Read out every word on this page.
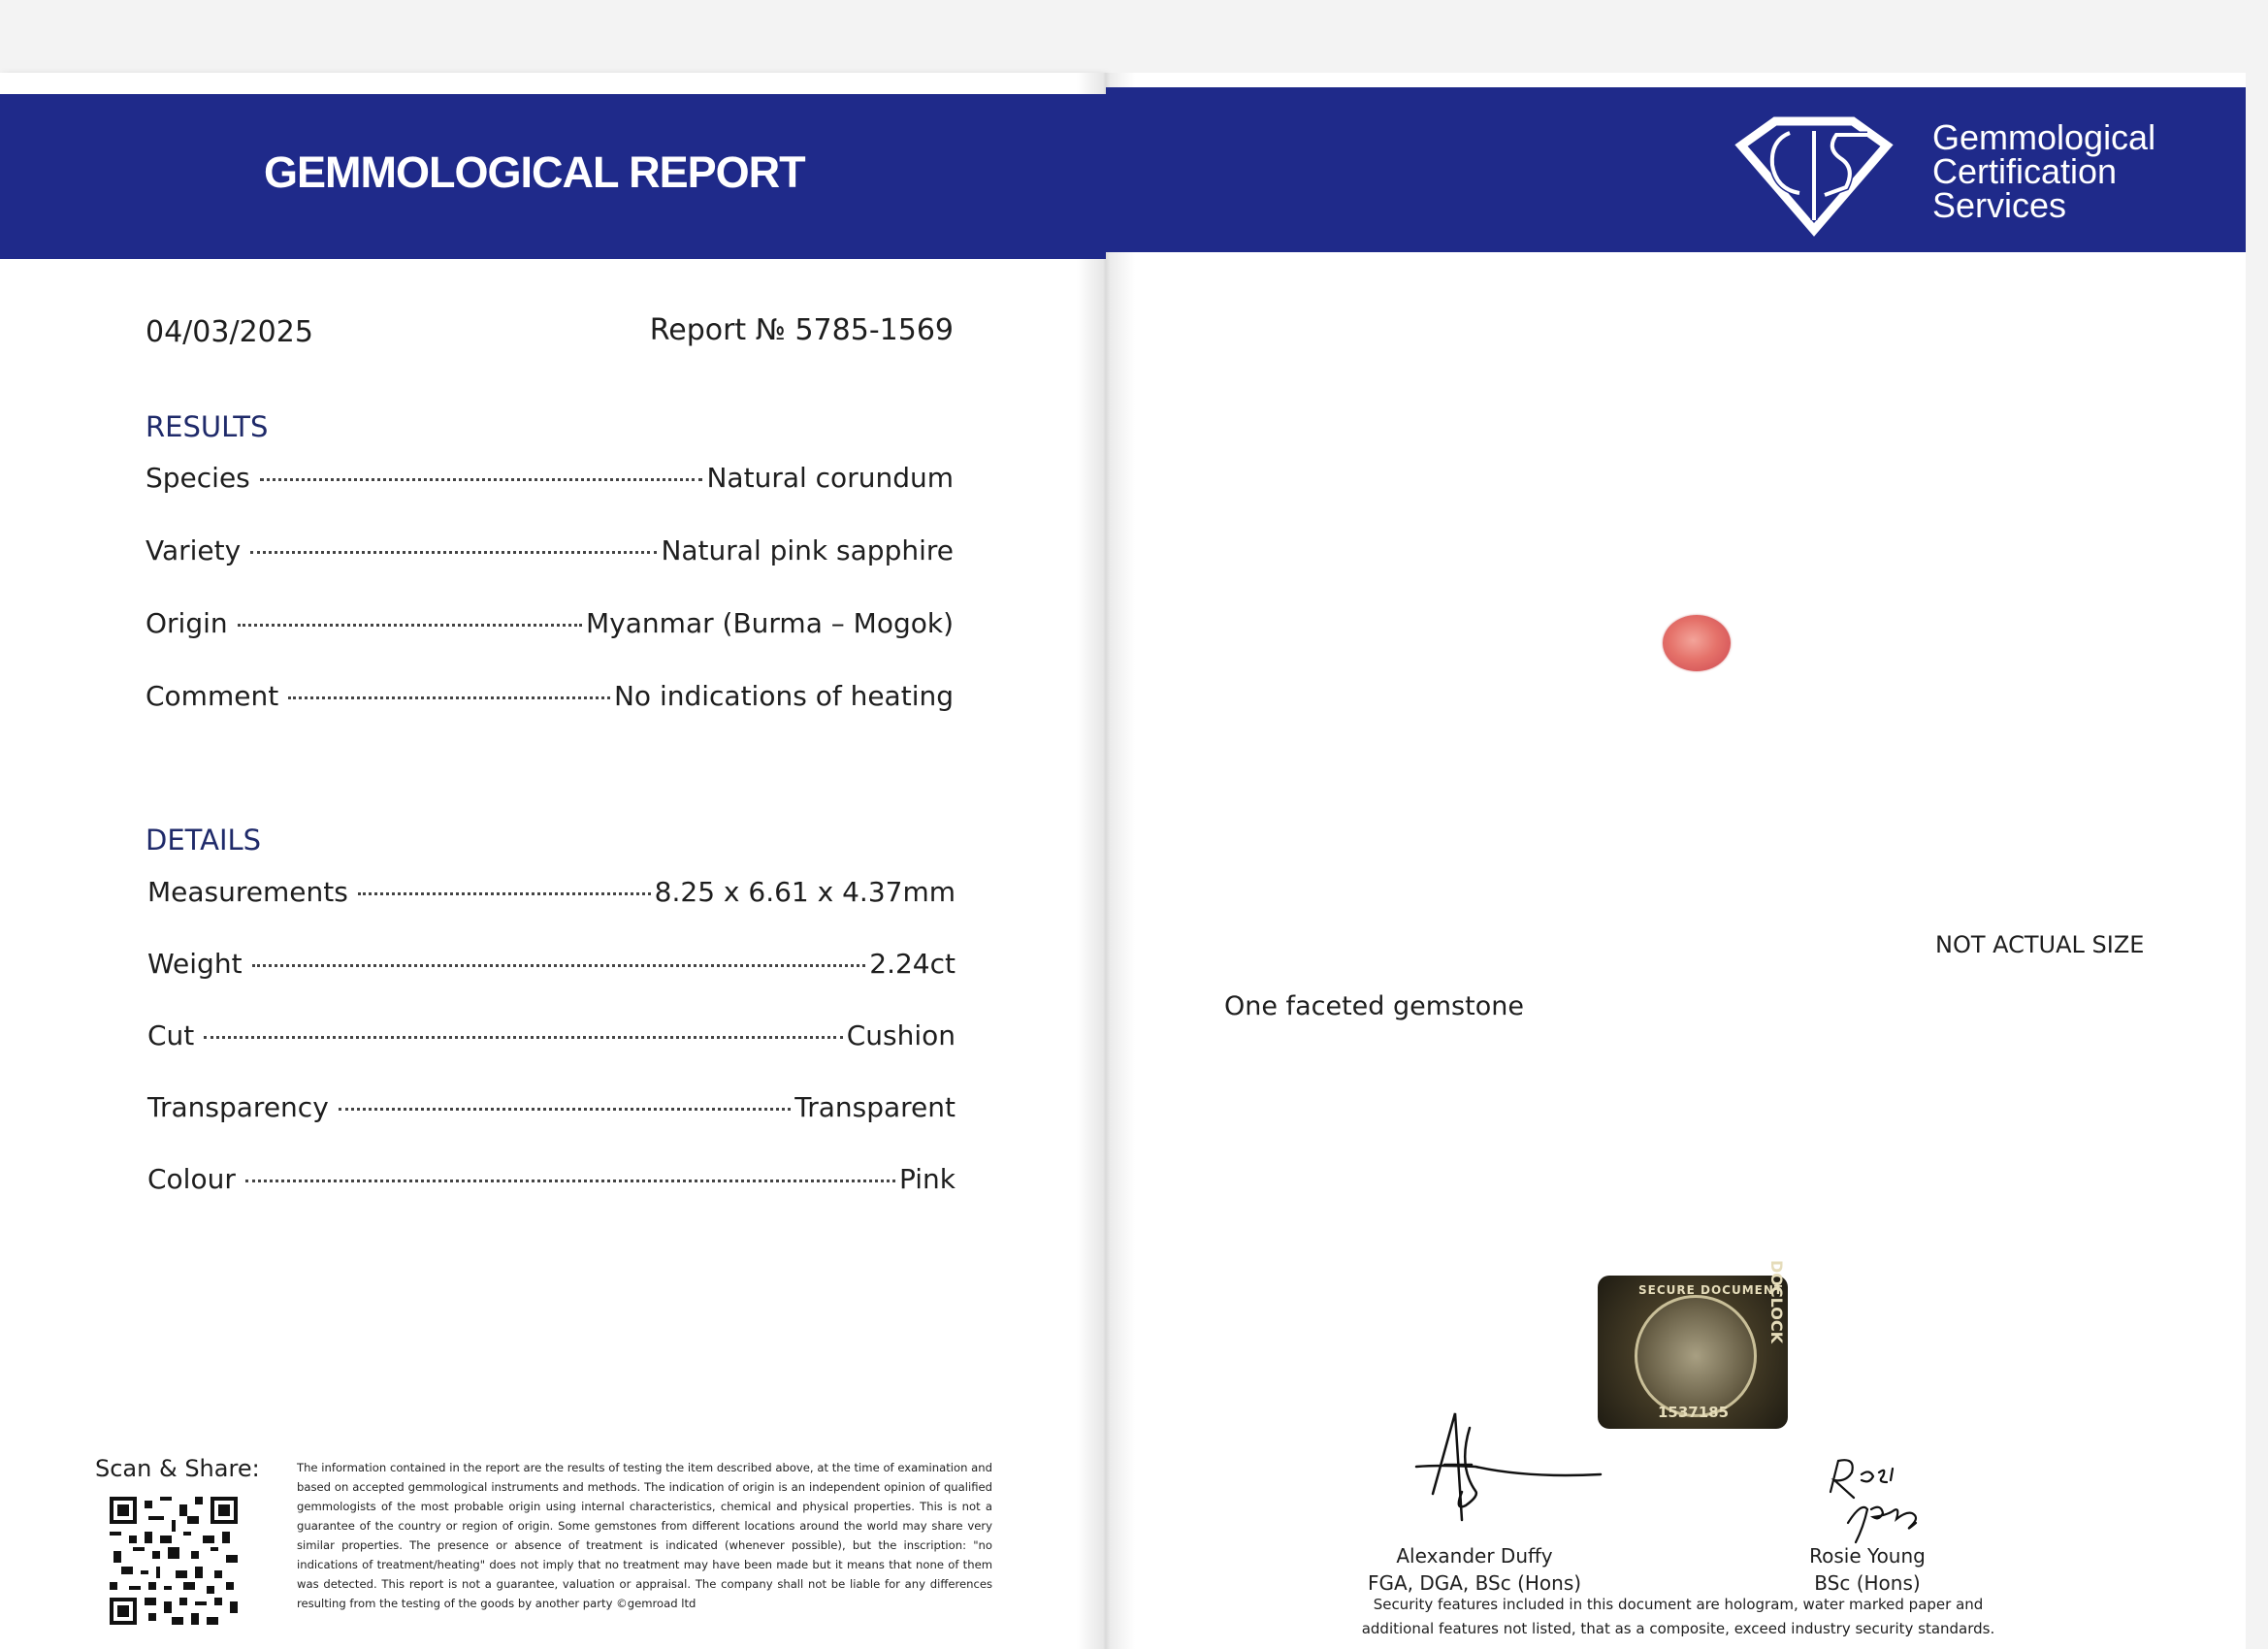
GEMMOLOGICAL REPORT
Gemmological
Certification
Services
04/03/2025	Report № 5785-1569
RESULTS
Species	Natural corundum
Variety	Natural pink sapphire
Origin	Myanmar (Burma – Mogok)
Comment	No indications of heating
DETAILS
Measurements	8.25 x 6.61 x 4.37mm
Weight	2.24ct
Cut	Cushion
Transparency	Transparent
Colour	Pink
Scan & Share:	The information contained in the report are the results of testing the item described above, at the time of examination and based on accepted gemmological instruments and methods. The indication of origin is an independent opinion of qualified gemmologists of the most probable origin using internal characteristics, chemical and physical properties. This is not a guarantee of the country or region of origin. Some gemstones from different locations around the world may share very similar properties. The presence or absence of treatment is indicated (whenever possible), but the inscription: "no indications of treatment/heating" does not imply that no treatment may have been made but it means that none of them was detected. This report is not a guarantee, valuation or appraisal. The company shall not be liable for any differences resulting from the testing of the goods by another party ©gemroad ltd
NOT ACTUAL SIZE
One faceted gemstone
SECURE DOCUMENT
DOCLOCK
1537185
Alexander Duffy
FGA, DGA, BSc (Hons)
Rosie Young
BSc (Hons)
Security features included in this document are hologram, water marked paper and additional features not listed, that as a composite, exceed industry security standards.
